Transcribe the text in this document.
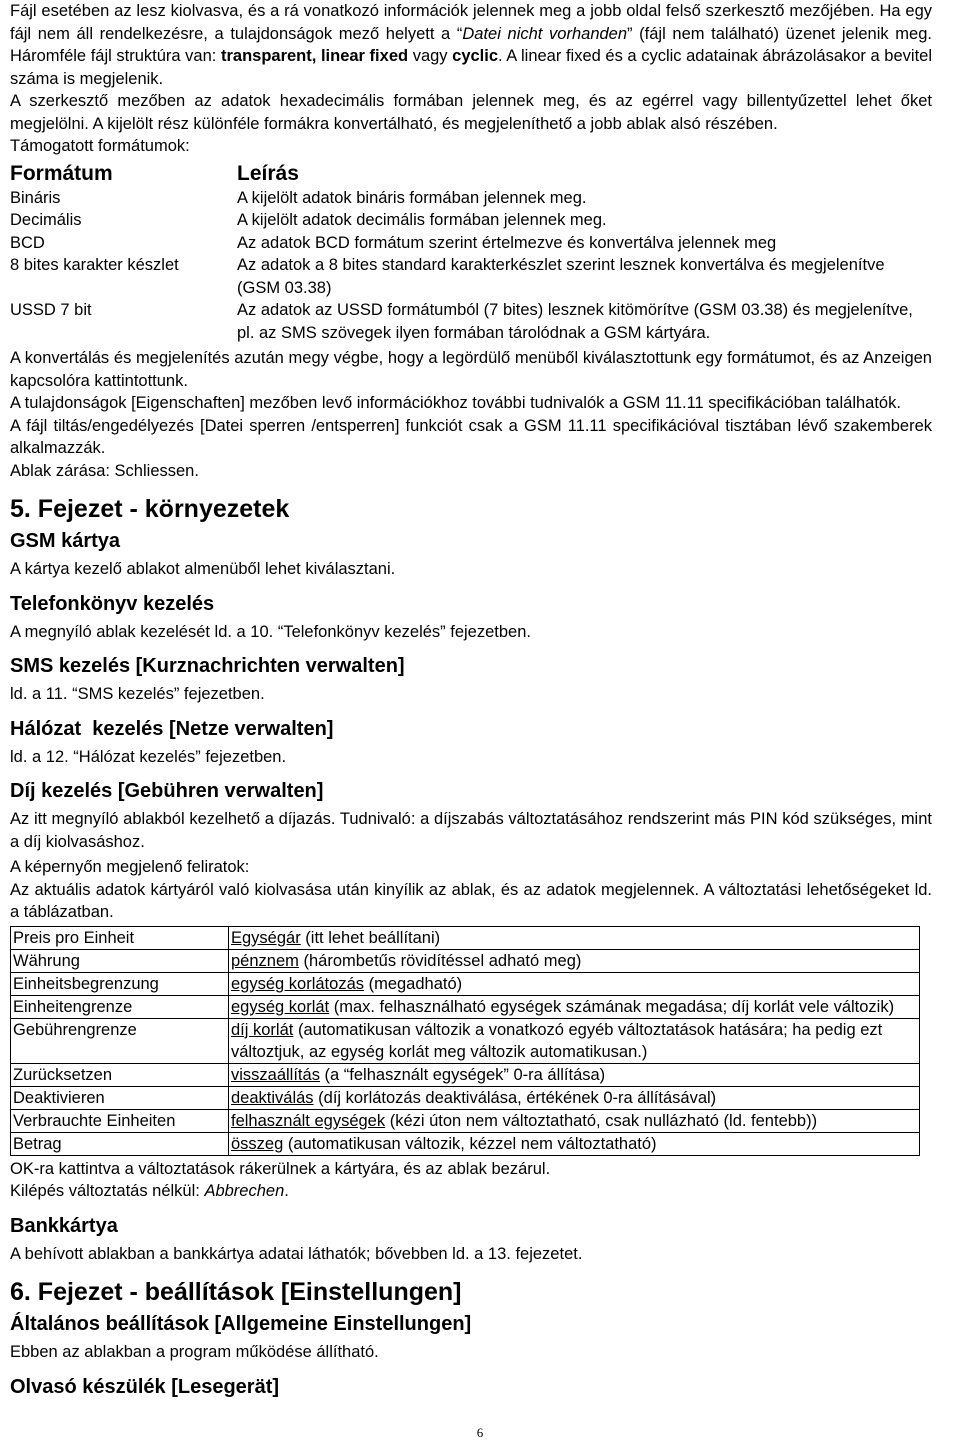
Fájl esetében az lesz kiolvasva, és a rá vonatkozó információk jelennek meg a jobb oldal felső szerkesztő mezőjében. Ha egy fájl nem áll rendelkezésre, a tulajdonságok mező helyett a “Datei nicht vorhanden” (fájl nem található) üzenet jelenik meg. Háromféle fájl struktúra van: transparent, linear fixed vagy cyclic. A linear fixed és a cyclic adatainak ábrázolásakor a bevitel száma is megjelenik.

A szerkesztő mezőben az adatok hexadecimális formában jelennek meg, és az egérrel vagy billentyűzettel lehet őket megjelölni. A kijelölt rész különféle formákra konvertálható, és megjeleníthető a jobb ablak alsó részében.

Támogatott formátumok:

Formátum	Leírás
Bináris	A kijelölt adatok bináris formában jelennek meg.
Decimális	A kijelölt adatok decimális formában jelennek meg.
BCD	Az adatok BCD formátum szerint értelmezve és konvertálva jelennek meg
8 bites karakter készlet	Az adatok a 8 bites standard karakterkészlet szerint lesznek konvertálva és megjelenítve (GSM 03.38)
USSD 7 bit	Az adatok az USSD formátumból (7 bites) lesznek kitömörítve (GSM 03.38) és megjelenítve, pl. az SMS szövegek ilyen formában tárolódnak a GSM kártyára.

A konvertálás és megjelenítés azután megy végbe, hogy a legördülő menüből kiválasztottunk egy formátumot, és az Anzeigen kapcsolóra kattintottunk.

A tulajdonságok [Eigenschaften] mezőben levő információkhoz további tudnivalók a GSM 11.11 specifikációban találhatók.

A fájl tiltás/engedélyezés [Datei sperren /entsperren] funkciót csak a GSM 11.11 specifikációval tisztában lévő szakemberek alkalmazzák.

Ablak zárása: Schliessen.

5. Fejezet - környezetek
GSM kártya

A kártya kezelő ablakot almenüből lehet kiválasztani.

Telefonkönyv kezelés

A megnyíló ablak kezelését ld. a 10. “Telefonkönyv kezelés” fejezetben.

SMS kezelés [Kurznachrichten verwalten]

ld. a 11. “SMS kezelés” fejezetben.

Hálózat  kezelés [Netze verwalten]

ld. a 12. “Hálózat kezelés” fejezetben.

Díj kezelés [Gebühren verwalten]

Az itt megnyíló ablakból kezelhető a díjazás. Tudnivaló: a díjszabás változtatásához rendszerint más PIN kód szükséges, mint a díj kiolvasáshoz.

A képernyőn megjelenő feliratok:

Az aktuális adatok kártyáról való kiolvasása után kinyílik az ablak, és az adatok megjelennek. A változtatási lehetőségeket ld. a táblázatban.

Preis pro Einheit	Egységár (itt lehet beállítani)
Währung	pénznem (hárombetűs rövidítéssel adható meg)
Einheitsbegrenzung	egység korlátozás (megadható)
Einheitengrenze	egység korlát (max. felhasználható egységek számának megadása; díj korlát vele változik)
Gebührengrenze	díj korlát (automatikusan változik a vonatkozó egyéb változtatások hatására; ha pedig ezt változtjuk, az egység korlát meg változik automatikusan.)
Zurücksetzen	visszaállítás (a “felhasznált egységek” 0-ra állítása)
Deaktivieren	deaktiválás (díj korlátozás deaktiválása, értékének 0-ra állításával)
Verbrauchte Einheiten	felhasznált egységek (kézi úton nem változtatható, csak nullázható (ld. fentebb))
Betrag	összeg (automatikusan változik, kézzel nem változtatható)

OK-ra kattintva a változtatások rákerülnek a kártyára, és az ablak bezárul.

Kilépés változtatás nélkül: Abbrechen.

Bankkártya

A behívott ablakban a bankkártya adatai láthatók; bővebben ld. a 13. fejezetet.

6. Fejezet - beállítások [Einstellungen]
Általános beállítások [Allgemeine Einstellungen]

Ebben az ablakban a program működése állítható.

Olvasó készülék [Lesegerät]
6
